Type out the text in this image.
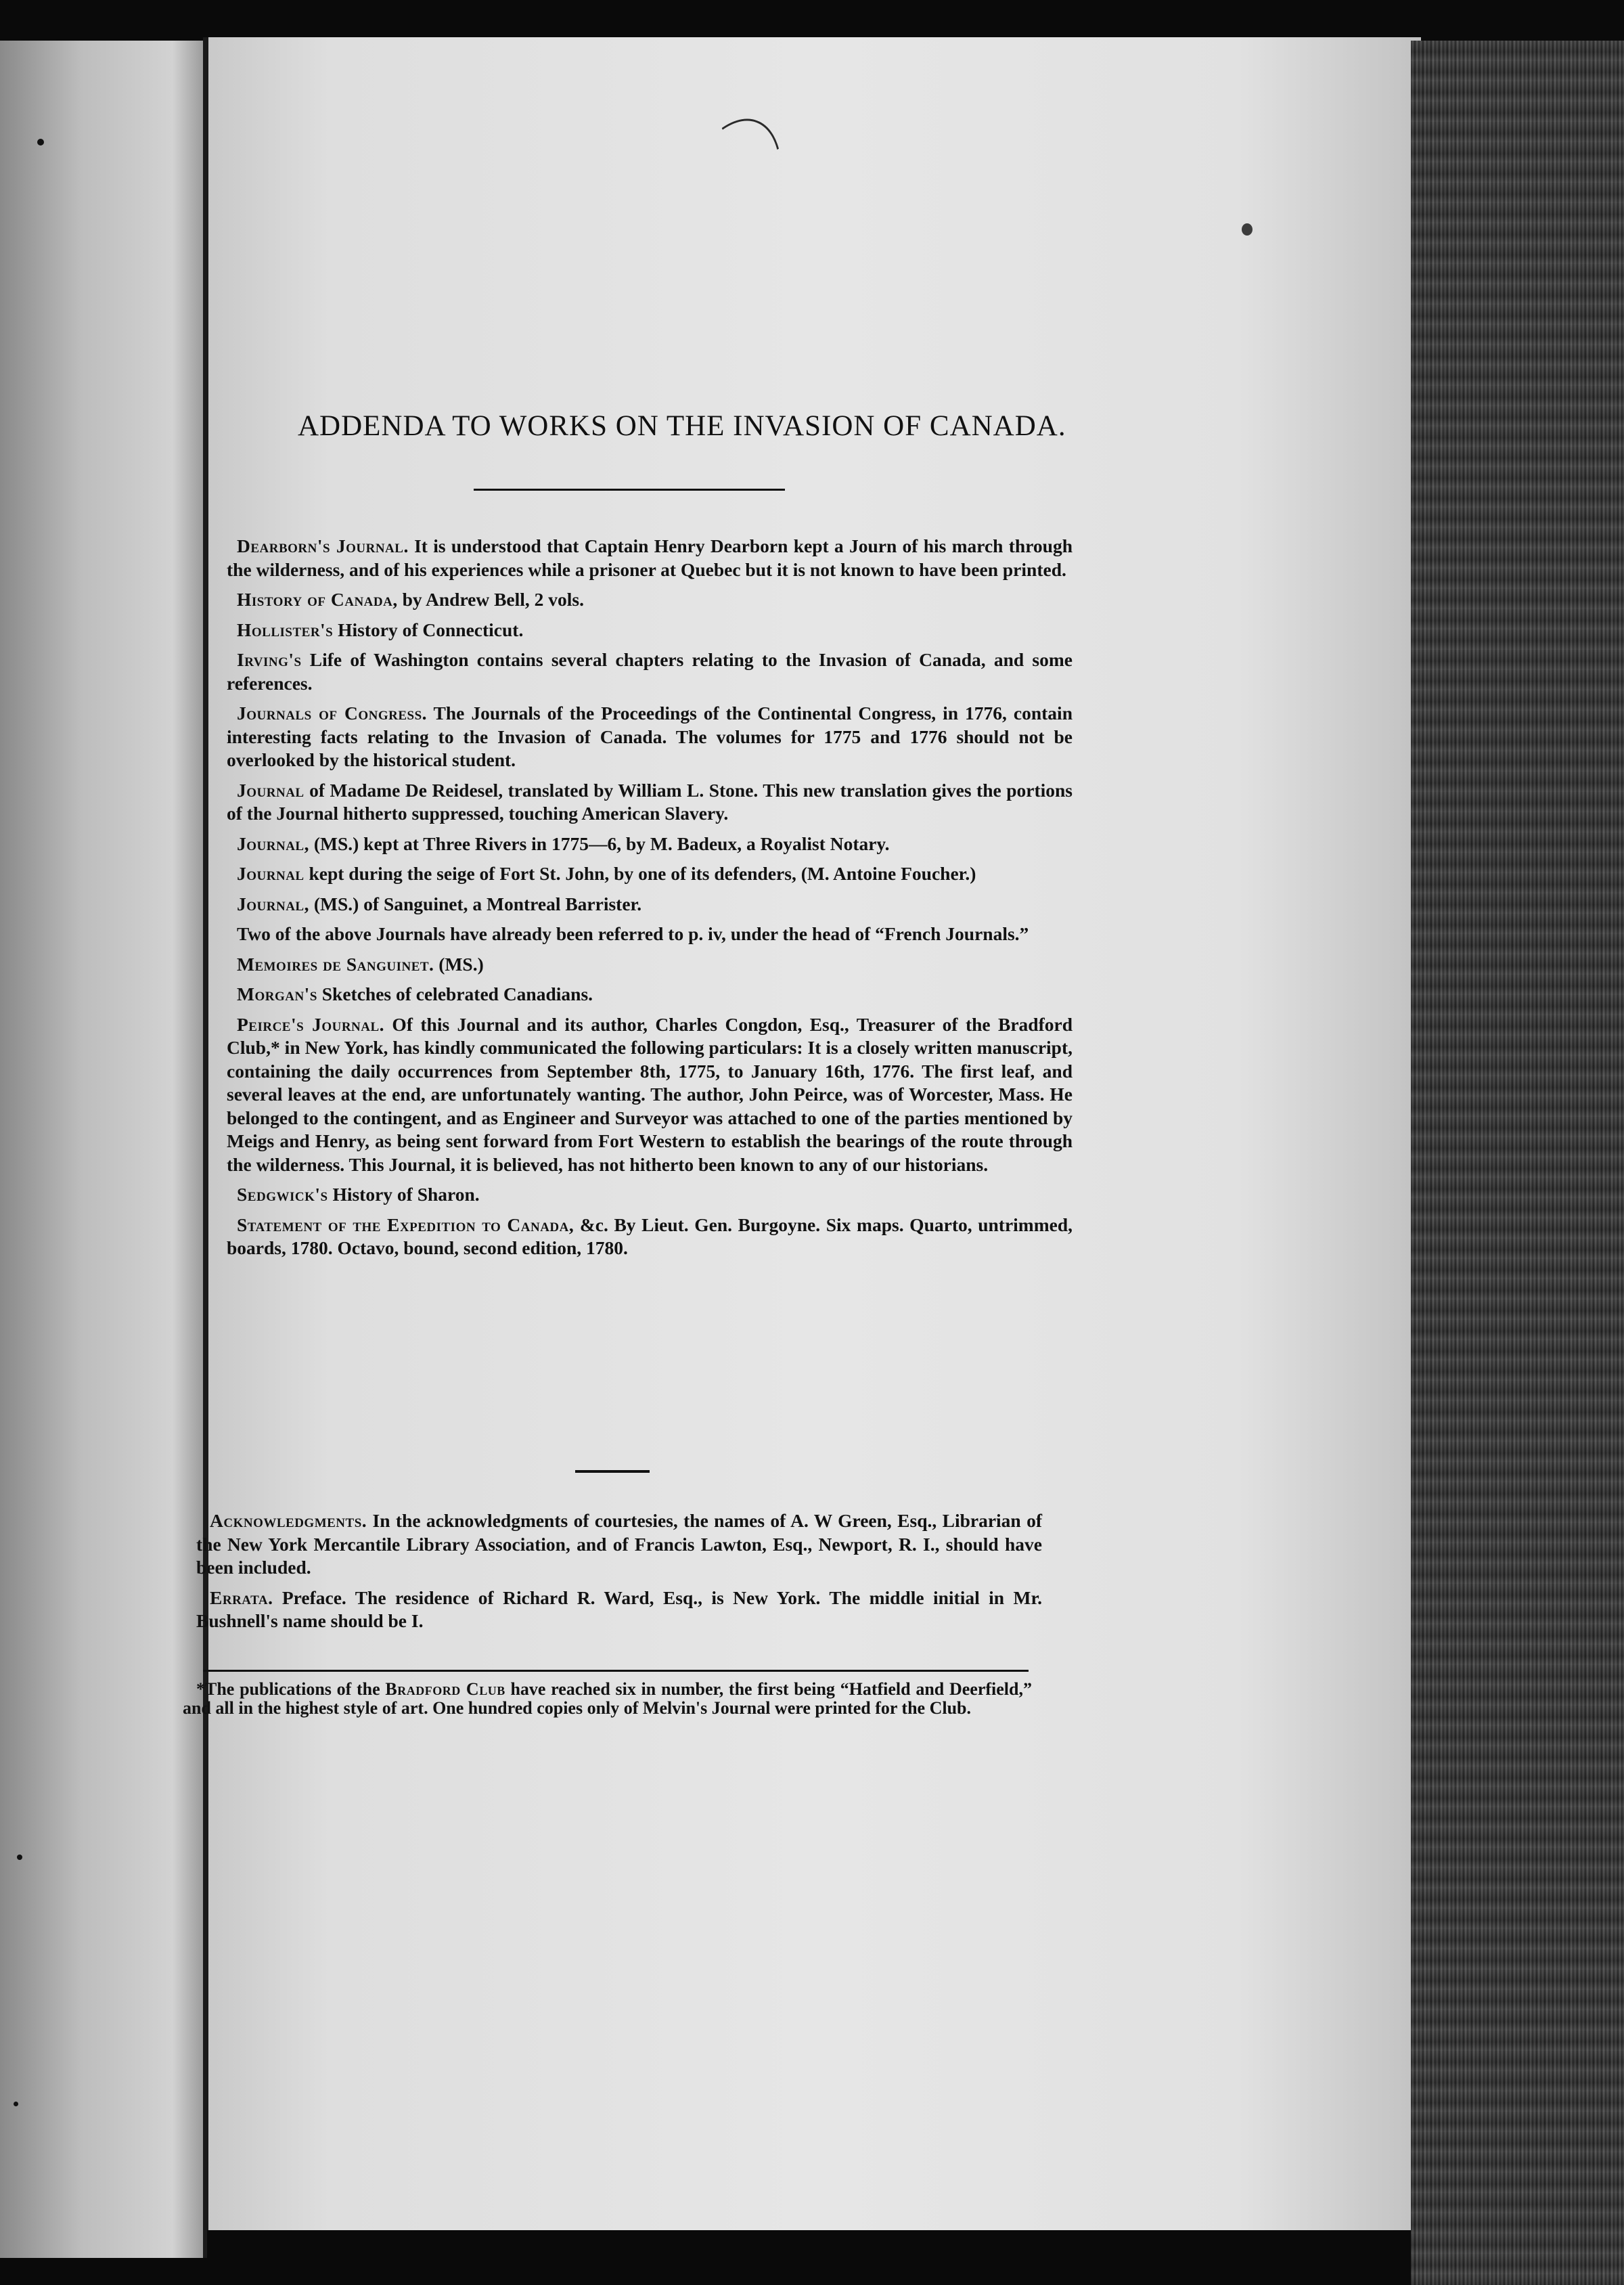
ADDENDA TO WORKS ON THE INVASION OF CANADA.

Dearborn's Journal. It is understood that Captain Henry Dearborn kept a Journ of his march through the wilderness, and of his experiences while a prisoner at Quebec but it is not known to have been printed.

History of Canada, by Andrew Bell, 2 vols.

Hollister's History of Connecticut.

Irving's Life of Washington contains several chapters relating to the Invasion of Canada, and some references.

Journals of Congress. The Journals of the Proceedings of the Continental Congress, in 1776, contain interesting facts relating to the Invasion of Canada. The volumes for 1775 and 1776 should not be overlooked by the historical student.

Journal of Madame De Reidesel, translated by William L. Stone. This new translation gives the portions of the Journal hitherto suppressed, touching American Slavery.

Journal, (MS.) kept at Three Rivers in 1775—6, by M. Badeux, a Royalist Notary.

Journal kept during the seige of Fort St. John, by one of its defenders, (M. Antoine Foucher.)

Journal, (MS.) of Sanguinet, a Montreal Barrister.

Two of the above Journals have already been referred to p. iv, under the head of “French Journals.”

Memoires de Sanguinet. (MS.)

Morgan's Sketches of celebrated Canadians.

Peirce's Journal. Of this Journal and its author, Charles Congdon, Esq., Treasurer of the Bradford Club,* in New York, has kindly communicated the following particulars: It is a closely written manuscript, containing the daily occurrences from September 8th, 1775, to January 16th, 1776. The first leaf, and several leaves at the end, are unfortunately wanting. The author, John Peirce, was of Worcester, Mass. He belonged to the contingent, and as Engineer and Surveyor was attached to one of the parties mentioned by Meigs and Henry, as being sent forward from Fort Western to establish the bearings of the route through the wilderness. This Journal, it is believed, has not hitherto been known to any of our historians.

Sedgwick's History of Sharon.

Statement of the Expedition to Canada, &c. By Lieut. Gen. Burgoyne. Six maps. Quarto, untrimmed, boards, 1780. Octavo, bound, second edition, 1780.

Acknowledgments. In the acknowledgments of courtesies, the names of A. W Green, Esq., Librarian of the New York Mercantile Library Association, and of Francis Lawton, Esq., Newport, R. I., should have been included.

Errata. Preface. The residence of Richard R. Ward, Esq., is New York. The middle initial in Mr. Bushnell's name should be I.

*The publications of the Bradford Club have reached six in number, the first being “Hatfield and Deerfield,” and all in the highest style of art. One hundred copies only of Melvin's Journal were printed for the Club.
